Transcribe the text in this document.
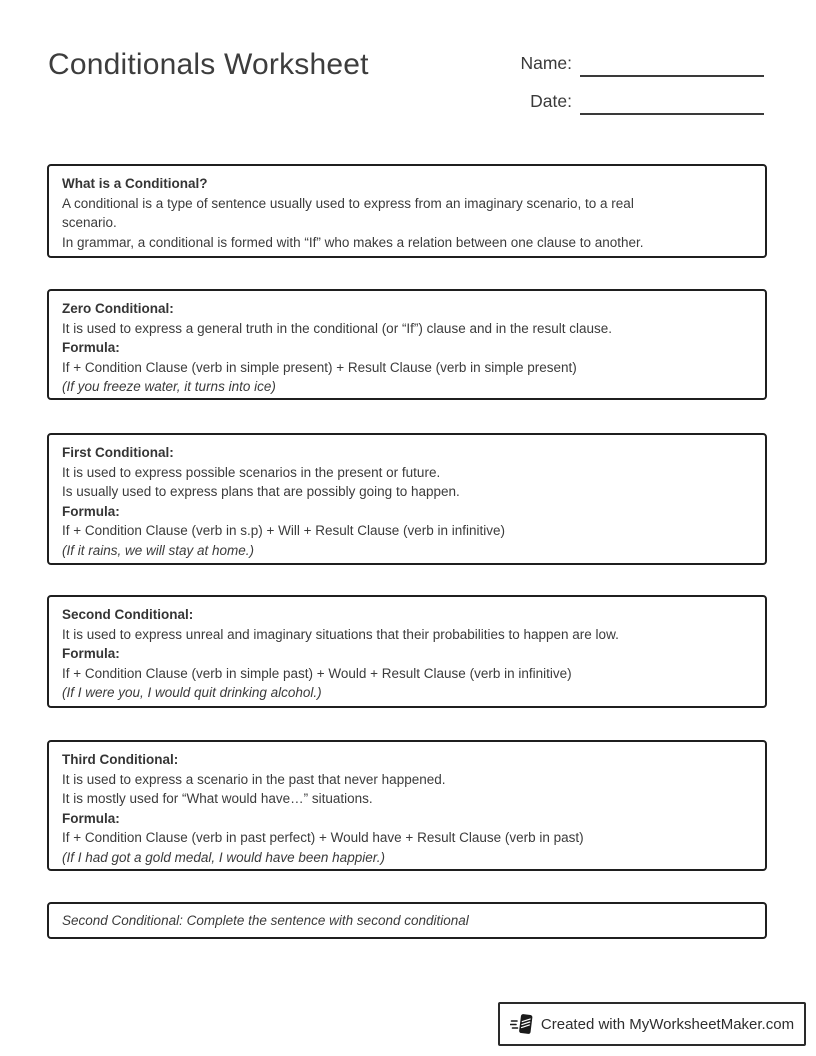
Conditionals Worksheet	Name:
Date:
What is a Conditional?
A conditional is a type of sentence usually used to express from an imaginary scenario, to a real
scenario.
In grammar, a conditional is formed with “If” who makes a relation between one clause to another.
Zero Conditional:
It is used to express a general truth in the conditional (or “If”) clause and in the result clause.
Formula:
If + Condition Clause (verb in simple present) + Result Clause (verb in simple present)
(If you freeze water, it turns into ice)
First Conditional:
It is used to express possible scenarios in the present or future.
Is usually used to express plans that are possibly going to happen.
Formula:
If + Condition Clause (verb in s.p) + Will + Result Clause (verb in infinitive)
(If it rains, we will stay at home.)
Second Conditional:
It is used to express unreal and imaginary situations that their probabilities to happen are low.
Formula:
If + Condition Clause (verb in simple past) + Would + Result Clause (verb in infinitive)
(If I were you, I would quit drinking alcohol.)
Third Conditional:
It is used to express a scenario in the past that never happened.
It is mostly used for “What would have…” situations.
Formula:
If + Condition Clause (verb in past perfect) + Would have + Result Clause (verb in past)
(If I had got a gold medal, I would have been happier.)
Second Conditional: Complete the sentence with second conditional
Created with MyWorksheetMaker.com
